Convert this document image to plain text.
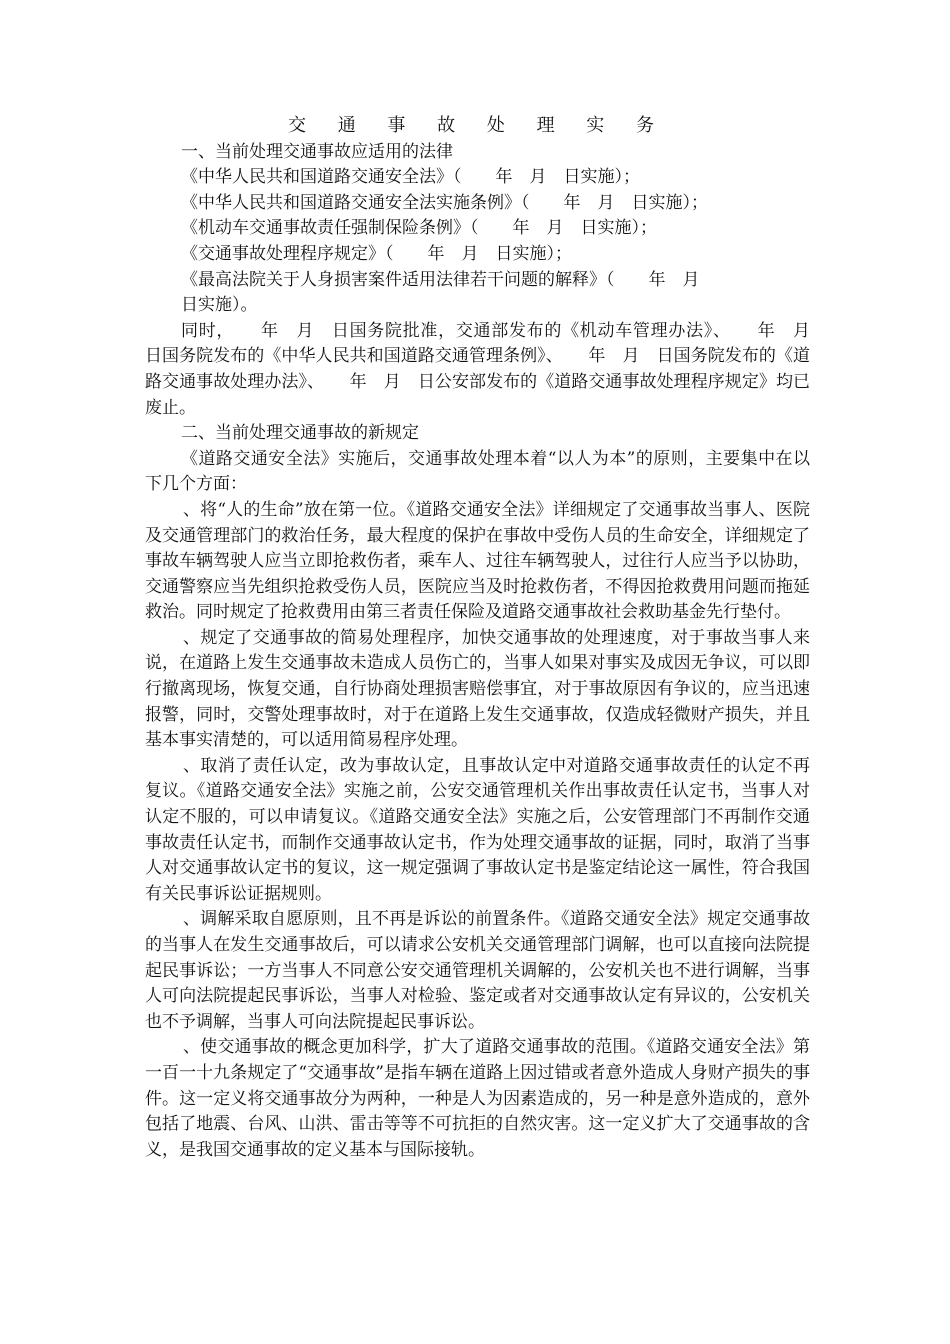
交 通 事 故 处 理 实 务

一、当前处理交通事故应适用的法律

《中华人民共和国道路交通安全法》（　　年　月　日实施）；

《中华人民共和国道路交通安全法实施条例》（　　年　月　日实施）；

《机动车交通事故责任强制保险条例》（　　年　月　日实施）；

《交通事故处理程序规定》（　　年　月　日实施）；

《最高法院关于人身损害案件适用法律若干问题的解释》（　　年　月

日实施）。

同时，　　年　月　日国务院批准，交通部发布的《机动车管理办法》、　　年　月　日国务院发布的《中华人民共和国道路交通管理条例》、　　年　月　日国务院发布的《道路交通事故处理办法》、　　年　月　日公安部发布的《道路交通事故处理程序规定》均已废止。

二、当前处理交通事故的新规定

《道路交通安全法》实施后，交通事故处理本着“以人为本”的原则，主要集中在以下几个方面：

、将“人的生命”放在第一位。《道路交通安全法》详细规定了交通事故当事人、医院及交通管理部门的救治任务，最大程度的保护在事故中受伤人员的生命安全，详细规定了事故车辆驾驶人应当立即抢救伤者，乘车人、过往车辆驾驶人，过往行人应当予以协助，交通警察应当先组织抢救受伤人员，医院应当及时抢救伤者，不得因抢救费用问题而拖延救治。同时规定了抢救费用由第三者责任保险及道路交通事故社会救助基金先行垫付。

、规定了交通事故的简易处理程序，加快交通事故的处理速度，对于事故当事人来说，在道路上发生交通事故未造成人员伤亡的，当事人如果对事实及成因无争议，可以即行撤离现场，恢复交通，自行协商处理损害赔偿事宜，对于事故原因有争议的，应当迅速报警，同时，交警处理事故时，对于在道路上发生交通事故，仅造成轻微财产损失，并且基本事实清楚的，可以适用简易程序处理。

、取消了责任认定，改为事故认定，且事故认定中对道路交通事故责任的认定不再复议。《道路交通安全法》实施之前，公安交通管理机关作出事故责任认定书，当事人对认定不服的，可以申请复议。《道路交通安全法》实施之后，公安管理部门不再制作交通事故责任认定书，而制作交通事故认定书，作为处理交通事故的证据，同时，取消了当事人对交通事故认定书的复议，这一规定强调了事故认定书是鉴定结论这一属性，符合我国有关民事诉讼证据规则。

、调解采取自愿原则，且不再是诉讼的前置条件。《道路交通安全法》规定交通事故的当事人在发生交通事故后，可以请求公安机关交通管理部门调解，也可以直接向法院提起民事诉讼；一方当事人不同意公安交通管理机关调解的，公安机关也不进行调解，当事人可向法院提起民事诉讼，当事人对检验、鉴定或者对交通事故认定有异议的，公安机关也不予调解，当事人可向法院提起民事诉讼。

、使交通事故的概念更加科学，扩大了道路交通事故的范围。《道路交通安全法》第一百一十九条规定了“交通事故”是指车辆在道路上因过错或者意外造成人身财产损失的事件。这一定义将交通事故分为两种，一种是人为因素造成的，另一种是意外造成的，意外包括了地震、台风、山洪、雷击等等不可抗拒的自然灾害。这一定义扩大了交通事故的含义，是我国交通事故的定义基本与国际接轨。
